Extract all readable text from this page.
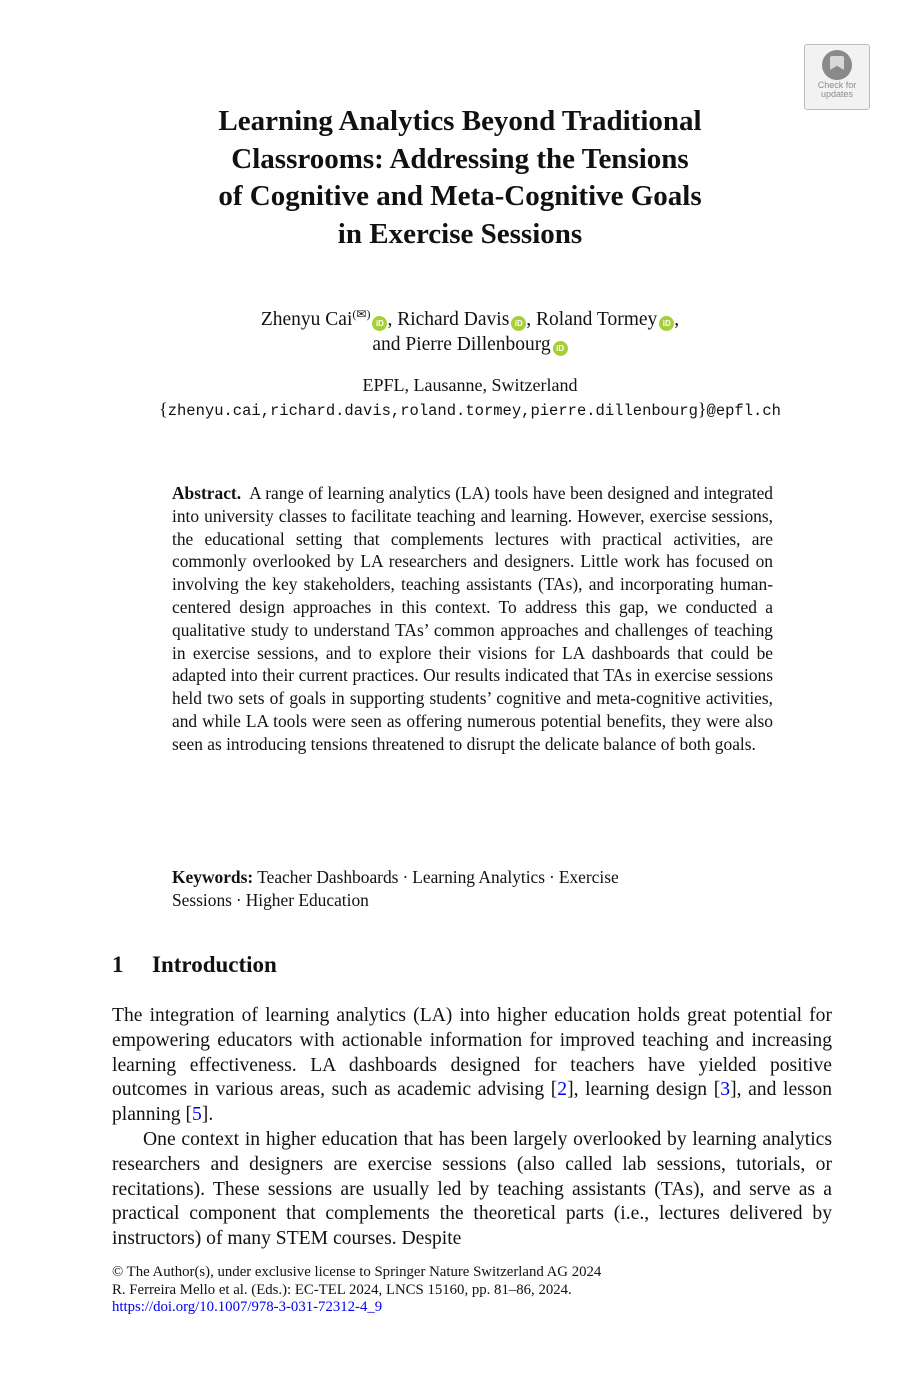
Check for
updates
Learning Analytics Beyond Traditional
Classrooms: Addressing the Tensions
of Cognitive and Meta-Cognitive Goals
in Exercise Sessions
Zhenyu Cai(✉)iD , Richard Davis iD , Roland Tormey iD ,
and Pierre Dillenbourg iD
EPFL, Lausanne, Switzerland
{zhenyu.cai,richard.davis,roland.tormey,pierre.dillenbourg}@epfl.ch
Abstract. A range of learning analytics (LA) tools have been designed and integrated into university classes to facilitate teaching and learning. However, exercise sessions, the educational setting that complements lectures with practical activities, are commonly overlooked by LA researchers and designers. Little work has focused on involving the key stakeholders, teaching assistants (TAs), and incorporating humancentered design approaches in this context. To address this gap, we conducted a qualitative study to understand TAs’ common approaches and challenges of teaching in exercise sessions, and to explore their visions for LA dashboards that could be adapted into their current practices. Our results indicated that TAs in exercise sessions held two sets of goals in supporting students’ cognitive and meta-cognitive activities, and while LA tools were seen as offering numerous potential benefits, they were also seen as introducing tensions threatened to disrupt the delicate balance of both goals.
Keywords: Teacher Dashboards · Learning Analytics · Exercise Sessions · Higher Education
1 Introduction

The integration of learning analytics (LA) into higher education holds great potential for empowering educators with actionable information for improved teaching and increasing learning effectiveness. LA dashboards designed for teachers have yielded positive outcomes in various areas, such as academic advising [2], learning design [3], and lesson planning [5].

One context in higher education that has been largely overlooked by learning analytics researchers and designers are exercise sessions (also called lab sessions, tutorials, or recitations). These sessions are usually led by teaching assistants (TAs), and serve as a practical component that complements the theoretical parts (i.e., lectures delivered by instructors) of many STEM courses. Despite

© The Author(s), under exclusive license to Springer Nature Switzerland AG 2024
R. Ferreira Mello et al. (Eds.): EC-TEL 2024, LNCS 15160, pp. 81–86, 2024.
https://doi.org/10.1007/978-3-031-72312-4_9
